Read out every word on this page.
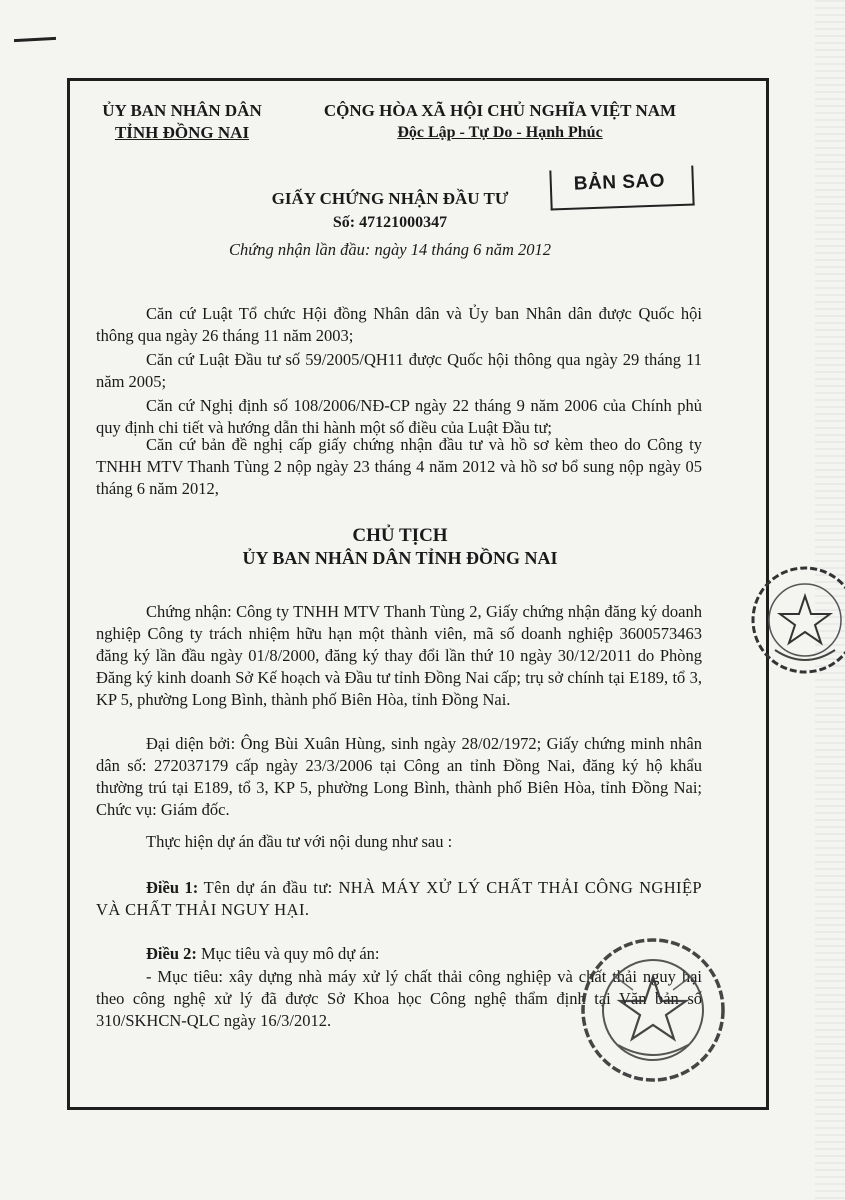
ỦY BAN NHÂN DÂN
TỈNH ĐỒNG NAI
CỘNG HÒA XÃ HỘI CHỦ NGHĨA VIỆT NAM
Độc Lập - Tự Do - Hạnh Phúc
BẢN SAO
GIẤY CHỨNG NHẬN ĐẦU TƯ
Số: 47121000347
Chứng nhận lần đầu: ngày 14 tháng 6 năm 2012

Căn cứ Luật Tổ chức Hội đồng Nhân dân và Ủy ban Nhân dân được Quốc hội thông qua ngày 26 tháng 11 năm 2003;

Căn cứ Luật Đầu tư số 59/2005/QH11 được Quốc hội thông qua ngày 29 tháng 11 năm 2005;

Căn cứ Nghị định số 108/2006/NĐ-CP ngày 22 tháng 9 năm 2006 của Chính phủ quy định chi tiết và hướng dẫn thi hành một số điều của Luật Đầu tư;

Căn cứ bản đề nghị cấp giấy chứng nhận đầu tư và hồ sơ kèm theo do Công ty TNHH MTV Thanh Tùng 2 nộp ngày 23 tháng 4 năm 2012 và hồ sơ bổ sung nộp ngày 05 tháng 6 năm 2012,

CHỦ TỊCH
ỦY BAN NHÂN DÂN TỈNH ĐỒNG NAI

Chứng nhận: Công ty TNHH MTV Thanh Tùng 2, Giấy chứng nhận đăng ký doanh nghiệp Công ty trách nhiệm hữu hạn một thành viên, mã số doanh nghiệp 3600573463 đăng ký lần đầu ngày 01/8/2000, đăng ký thay đổi lần thứ 10 ngày 30/12/2011 do Phòng Đăng ký kinh doanh Sở Kế hoạch và Đầu tư tỉnh Đồng Nai cấp; trụ sở chính tại E189, tổ 3, KP 5, phường Long Bình, thành phố Biên Hòa, tỉnh Đồng Nai.

Đại diện bởi: Ông Bùi Xuân Hùng, sinh ngày 28/02/1972; Giấy chứng minh nhân dân số: 272037179 cấp ngày 23/3/2006 tại Công an tỉnh Đồng Nai, đăng ký hộ khẩu thường trú tại E189, tổ 3, KP 5, phường Long Bình, thành phố Biên Hòa, tỉnh Đồng Nai; Chức vụ: Giám đốc.

Thực hiện dự án đầu tư với nội dung như sau :

Điều 1: Tên dự án đầu tư: NHÀ MÁY XỬ LÝ CHẤT THẢI CÔNG NGHIỆP VÀ CHẤT THẢI NGUY HẠI.

Điều 2: Mục tiêu và quy mô dự án:

- Mục tiêu: xây dựng nhà máy xử lý chất thải công nghiệp và chất thải nguy hại theo công nghệ xử lý đã được Sở Khoa học Công nghệ thẩm định tại Văn bản số 310/SKHCN-QLC ngày 16/3/2012.
